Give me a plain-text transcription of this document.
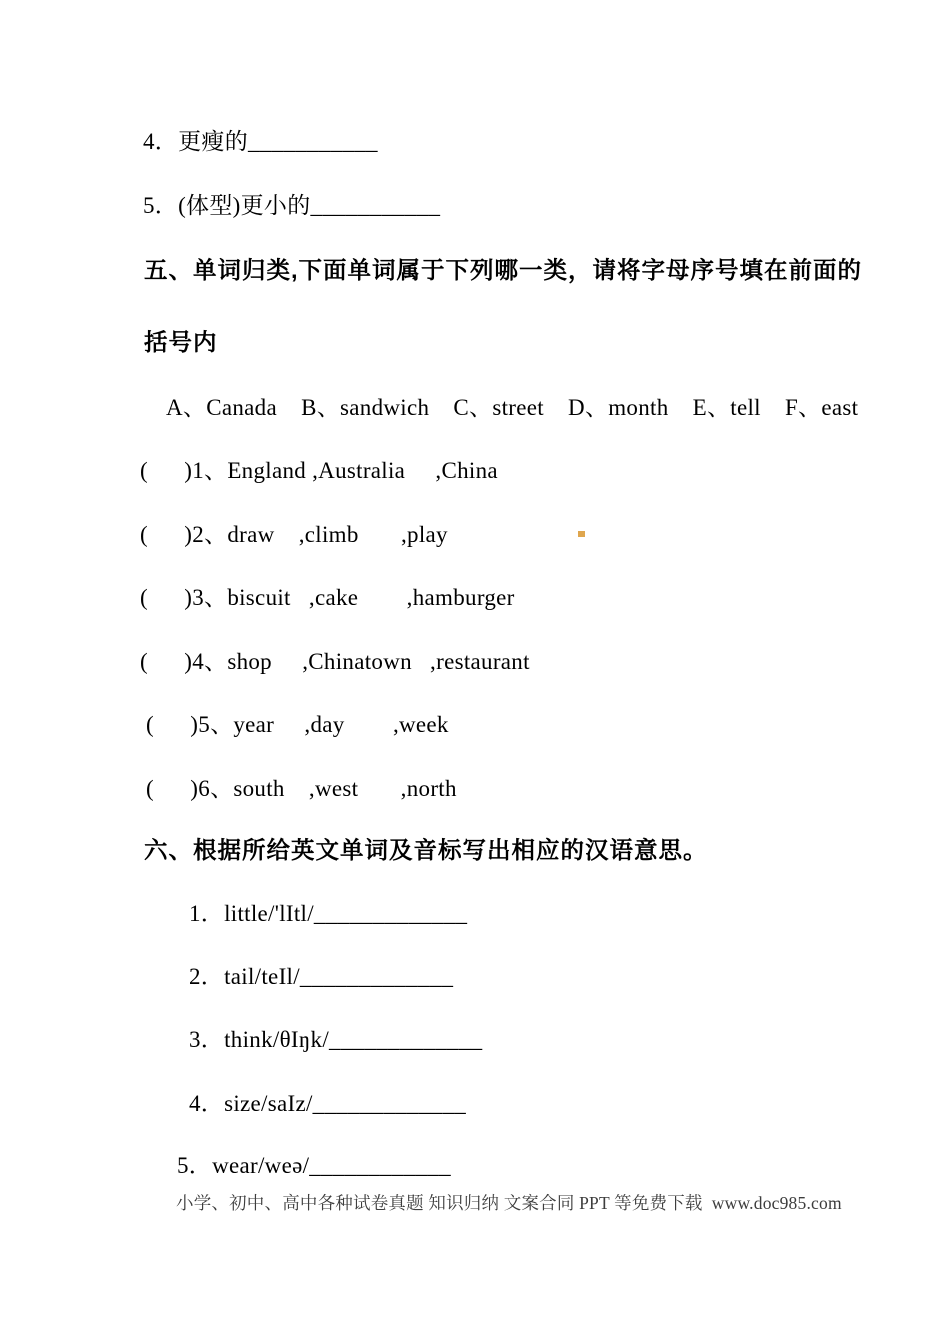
4．更瘦的___________
5．(体型)更小的___________
五、单词归类,下面单词属于下列哪一类，请将字母序号填在前面的
括号内
A、Canada  B、sandwich  C、street  D、month  E、tell  F、east
(      )1、England ,Australia     ,China
(      )2、draw    ,climb       ,play
(      )3、biscuit   ,cake        ,hamburger
(      )4、shop     ,Chinatown   ,restaurant
(      )5、year     ,day        ,week
(      )6、south    ,west       ,north
六、根据所给英文单词及音标写出相应的汉语意思。
1．little/'lItl/_____________
2．tail/teIl/_____________
3．think/θIŋk/_____________
4．size/saIz/_____________
5．wear/weə/____________
小学、初中、高中各种试卷真题 知识归纳 文案合同 PPT 等免费下载  www.doc985.com
